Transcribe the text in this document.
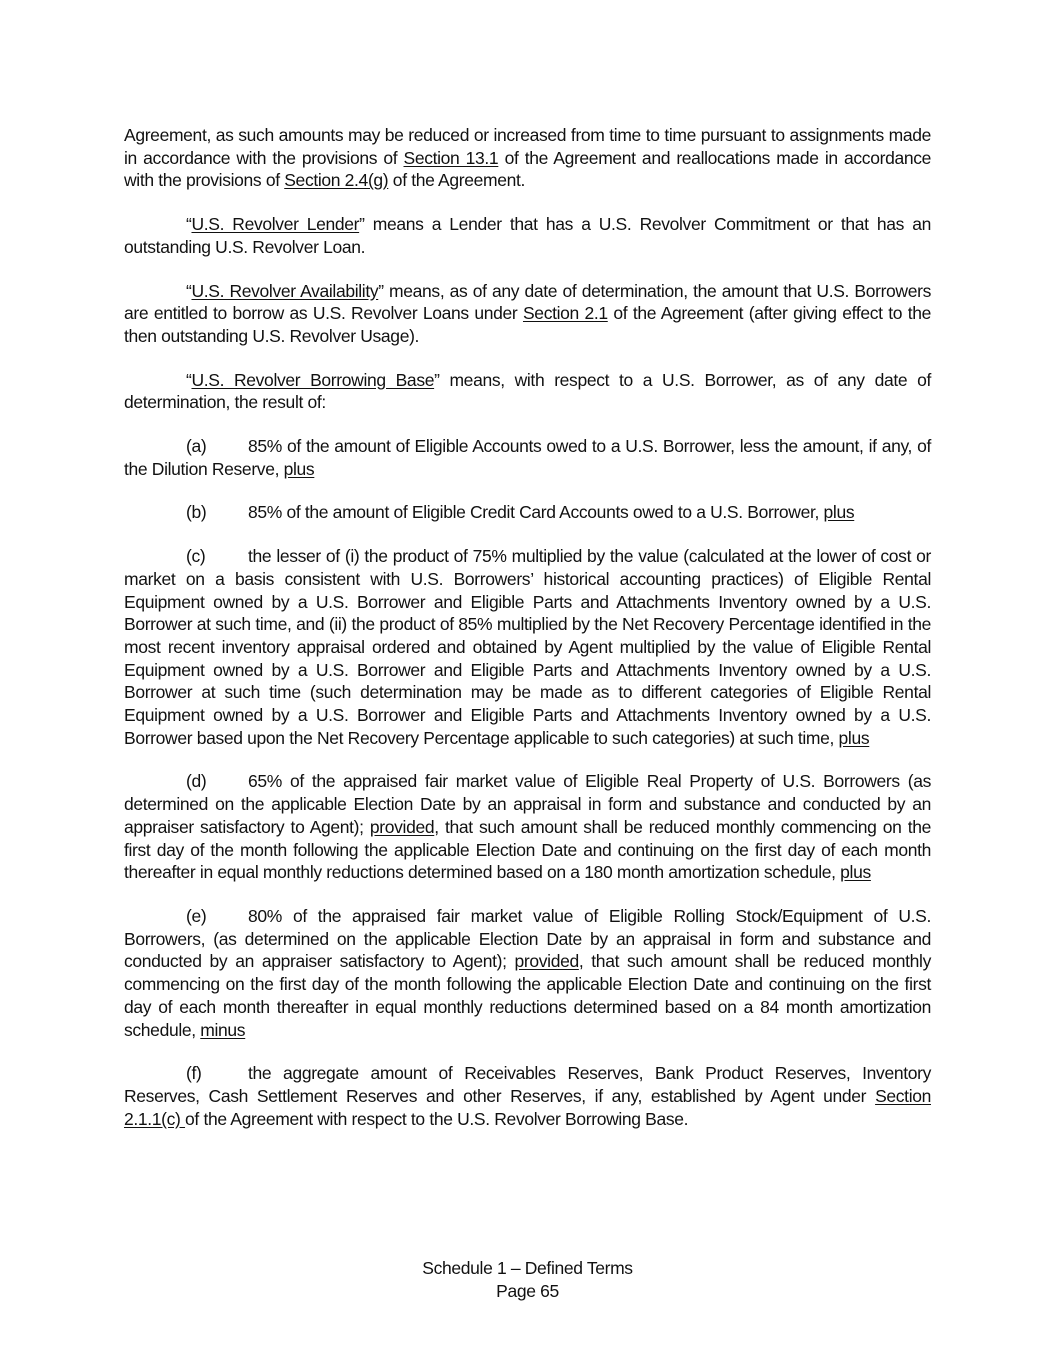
Agreement, as such amounts may be reduced or increased from time to time pursuant to assignments made in accordance with the provisions of Section 13.1 of the Agreement and reallocations made in accordance with the provisions of Section 2.4(g) of the Agreement.

“U.S. Revolver Lender” means a Lender that has a U.S. Revolver Commitment or that has an outstanding U.S. Revolver Loan.

“U.S. Revolver Availability” means, as of any date of determination, the amount that U.S. Borrowers are entitled to borrow as U.S. Revolver Loans under Section 2.1 of the Agreement (after giving effect to the then outstanding U.S. Revolver Usage).

“U.S. Revolver Borrowing Base” means, with respect to a U.S. Borrower, as of any date of determination, the result of:

(a) 85% of the amount of Eligible Accounts owed to a U.S. Borrower, less the amount, if any, of the Dilution Reserve, plus

(b) 85% of the amount of Eligible Credit Card Accounts owed to a U.S. Borrower, plus

(c) the lesser of (i) the product of 75% multiplied by the value (calculated at the lower of cost or market on a basis consistent with U.S. Borrowers’ historical accounting practices) of Eligible Rental Equipment owned by a U.S. Borrower and Eligible Parts and Attachments Inventory owned by a U.S. Borrower at such time, and (ii) the product of 85% multiplied by the Net Recovery Percentage identified in the most recent inventory appraisal ordered and obtained by Agent multiplied by the value of Eligible Rental Equipment owned by a U.S. Borrower and Eligible Parts and Attachments Inventory owned by a U.S. Borrower at such time (such determination may be made as to different categories of Eligible Rental Equipment owned by a U.S. Borrower and Eligible Parts and Attachments Inventory owned by a U.S. Borrower based upon the Net Recovery Percentage applicable to such categories) at such time, plus

(d) 65% of the appraised fair market value of Eligible Real Property of U.S. Borrowers (as determined on the applicable Election Date by an appraisal in form and substance and conducted by an appraiser satisfactory to Agent); provided, that such amount shall be reduced monthly commencing on the first day of the month following the applicable Election Date and continuing on the first day of each month thereafter in equal monthly reductions determined based on a 180 month amortization schedule, plus

(e) 80% of the appraised fair market value of Eligible Rolling Stock/Equipment of U.S. Borrowers, (as determined on the applicable Election Date by an appraisal in form and substance and conducted by an appraiser satisfactory to Agent); provided, that such amount shall be reduced monthly commencing on the first day of the month following the applicable Election Date and continuing on the first day of each month thereafter in equal monthly reductions determined based on a 84 month amortization schedule, minus

(f)	the aggregate amount of Receivables Reserves, Bank Product Reserves, Inventory Reserves, Cash Settlement Reserves and other Reserves, if any, established by Agent under Section 2.1.1(c) of the Agreement with respect to the U.S. Revolver Borrowing Base.

Schedule 1 – Defined Terms
Page 65
